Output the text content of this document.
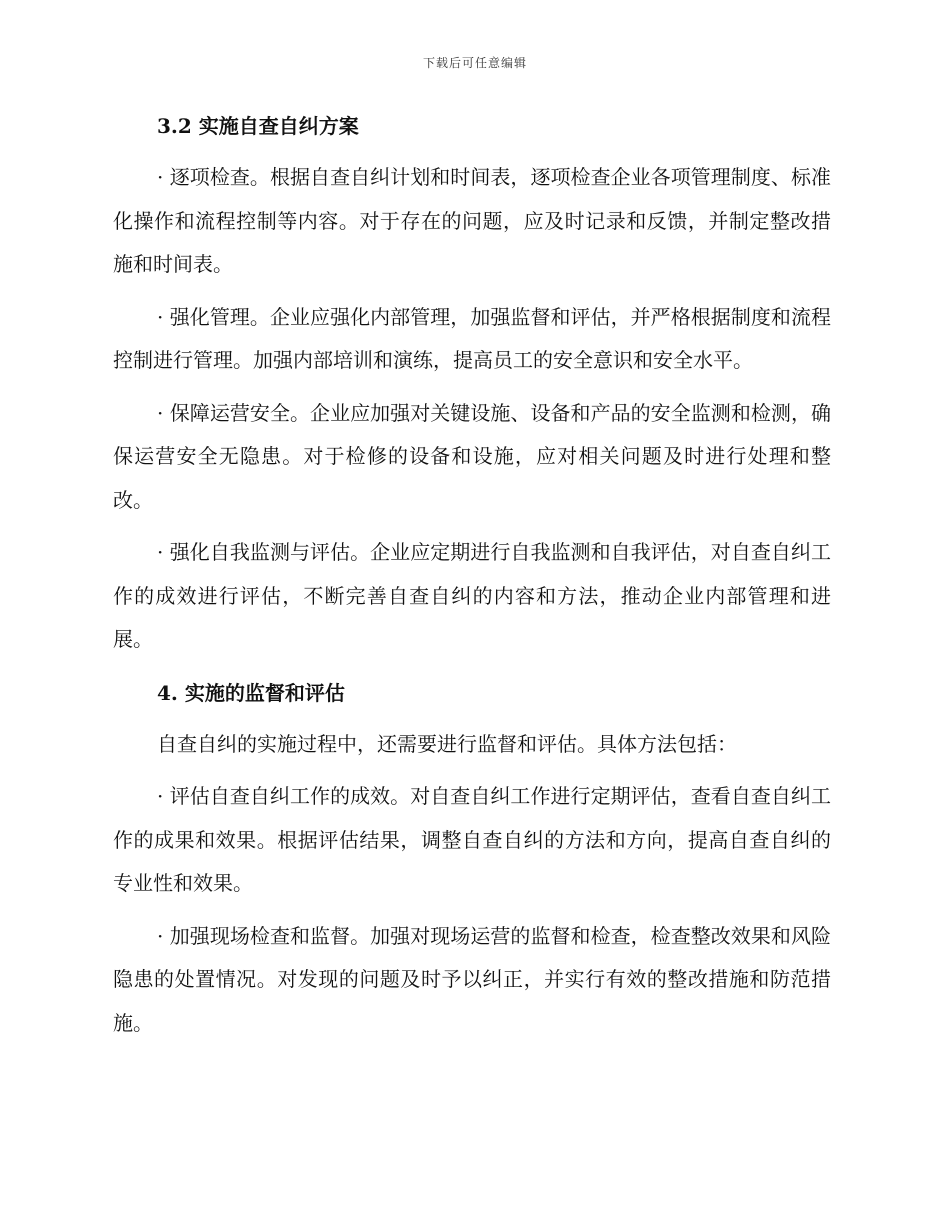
下载后可任意编辑
3.2 实施自查自纠方案

· 逐项检查。根据自查自纠计划和时间表，逐项检查企业各项管理制度、标准化操作和流程控制等内容。对于存在的问题，应及时记录和反馈，并制定整改措施和时间表。

· 强化管理。企业应强化内部管理，加强监督和评估，并严格根据制度和流程控制进行管理。加强内部培训和演练，提高员工的安全意识和安全水平。

· 保障运营安全。企业应加强对关键设施、设备和产品的安全监测和检测，确保运营安全无隐患。对于检修的设备和设施，应对相关问题及时进行处理和整改。

· 强化自我监测与评估。企业应定期进行自我监测和自我评估，对自查自纠工作的成效进行评估，不断完善自查自纠的内容和方法，推动企业内部管理和进展。

4. 实施的监督和评估

自查自纠的实施过程中，还需要进行监督和评估。具体方法包括：

· 评估自查自纠工作的成效。对自查自纠工作进行定期评估，查看自查自纠工作的成果和效果。根据评估结果，调整自查自纠的方法和方向，提高自查自纠的专业性和效果。

· 加强现场检查和监督。加强对现场运营的监督和检查，检查整改效果和风险隐患的处置情况。对发现的问题及时予以纠正，并实行有效的整改措施和防范措施。
